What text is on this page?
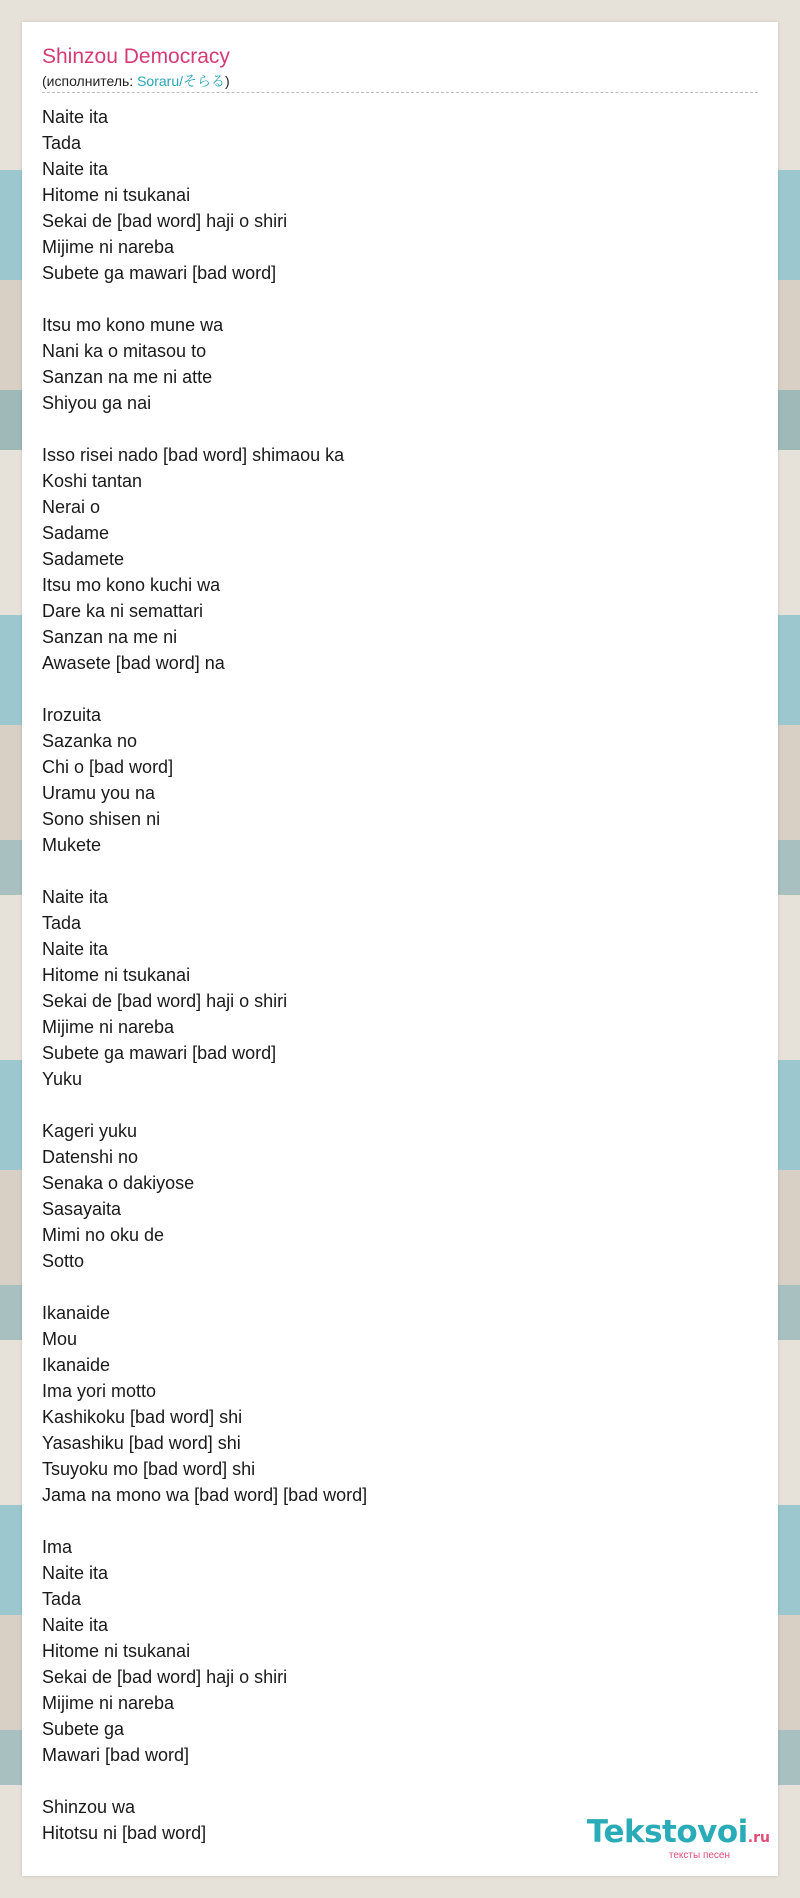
Shinzou Democracy
(исполнитель: Soraru/そらる)
Naite ita
Tada
Naite ita
Hitome ni tsukanai
Sekai de [bad word] haji o shiri
Mijime ni nareba
Subete ga mawari [bad word]
Itsu mo kono mune wa
Nani ka o mitasou to
Sanzan na me ni atte
Shiyou ga nai
Isso risei nado [bad word] shimaou ka
Koshi tantan
Nerai o
Sadame
Sadamete
Itsu mo kono kuchi wa
Dare ka ni semattari
Sanzan na me ni
Awasete [bad word] na
Irozuita
Sazanka no
Chi o [bad word]
Uramu you na
Sono shisen ni
Mukete
Naite ita
Tada
Naite ita
Hitome ni tsukanai
Sekai de [bad word] haji o shiri
Mijime ni nareba
Subete ga mawari [bad word]
Yuku
Kageri yuku
Datenshi no
Senaka o dakiyose
Sasayaita
Mimi no oku de
Sotto
Ikanaide
Mou
Ikanaide
Ima yori motto
Kashikoku [bad word] shi
Yasashiku [bad word] shi
Tsuyoku mo [bad word] shi
Jama na mono wa [bad word] [bad word]
Ima
Naite ita
Tada
Naite ita
Hitome ni tsukanai
Sekai de [bad word] haji o shiri
Mijime ni nareba
Subete ga
Mawari [bad word]
Shinzou wa
Hitotsu ni [bad word]	Tekstovoi.ru
тексты песен
